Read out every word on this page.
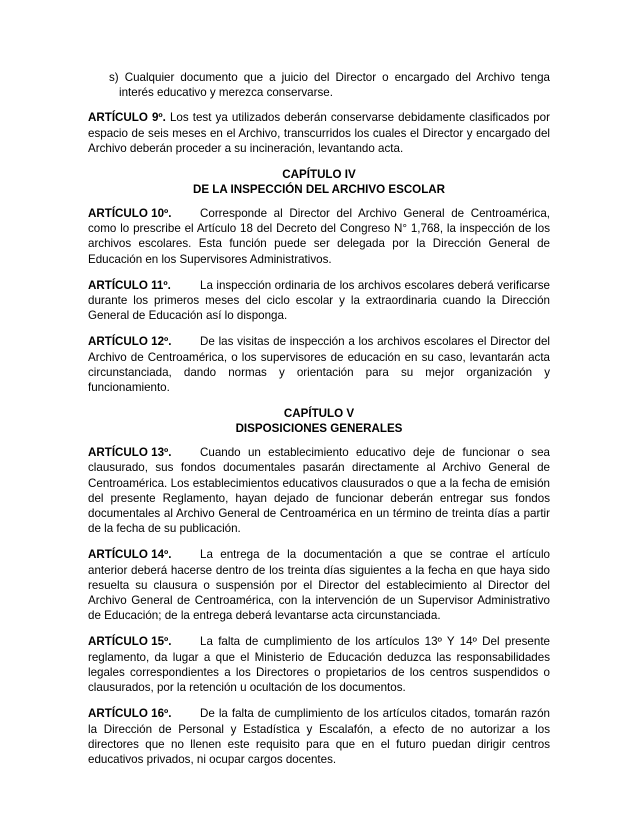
s) Cualquier documento que a juicio del Director o encargado del Archivo tenga interés educativo y merezca conservarse.

ARTÍCULO 9º. Los test ya utilizados deberán conservarse debidamente clasificados por espacio de seis meses en el Archivo, transcurridos los cuales el Director y encargado del Archivo deberán proceder a su incineración, levantando acta.

CAPÍTULO IV
DE LA INSPECCIÓN DEL ARCHIVO ESCOLAR

ARTÍCULO 10º. Corresponde al Director del Archivo General de Centroamérica, como lo prescribe el Artículo 18 del Decreto del Congreso N° 1,768, la inspección de los archivos escolares. Esta función puede ser delegada por la Dirección General de Educación en los Supervisores Administrativos.

ARTÍCULO 11º.	La inspección ordinaria de los archivos escolares deberá verificarse durante los primeros meses del ciclo escolar y la extraordinaria cuando la Dirección General de Educación así lo disponga.

ARTÍCULO 12º. De las visitas de inspección a los archivos escolares el Director del Archivo de Centroamérica, o los supervisores de educación en su caso, levantarán acta circunstanciada, dando normas y orientación para su mejor organización y funcionamiento.

CAPÍTULO V
DISPOSICIONES GENERALES

ARTÍCULO 13º. Cuando un establecimiento educativo deje de funcionar o sea clausurado, sus fondos documentales pasarán directamente al Archivo General de Centroamérica. Los establecimientos educativos clausurados o que a la fecha de emisión del presente Reglamento, hayan dejado de funcionar deberán entregar sus fondos documentales al Archivo General de Centroamérica en un término de treinta días a partir de la fecha de su publicación.

ARTÍCULO 14º. La entrega de la documentación a que se contrae el artículo anterior deberá hacerse dentro de los treinta días siguientes a la fecha en que haya sido resuelta su clausura o suspensión por el Director del establecimiento al Director del Archivo General de Centroamérica, con la intervención de un Supervisor Administrativo de Educación; de la entrega deberá levantarse acta circunstanciada.

ARTÍCULO 15º. La falta de cumplimiento de los artículos 13º Y 14º Del presente reglamento, da lugar a que el Ministerio de Educación deduzca las responsabilidades legales correspondientes a los Directores o propietarios de los centros suspendidos o clausurados, por la retención u ocultación de los documentos.

ARTÍCULO 16º. De la falta de cumplimiento de los artículos citados, tomarán razón la Dirección de Personal y Estadística y Escalafón, a efecto de no autorizar a los directores que no llenen este requisito para que en el futuro puedan dirigir centros educativos privados, ni ocupar cargos docentes.
